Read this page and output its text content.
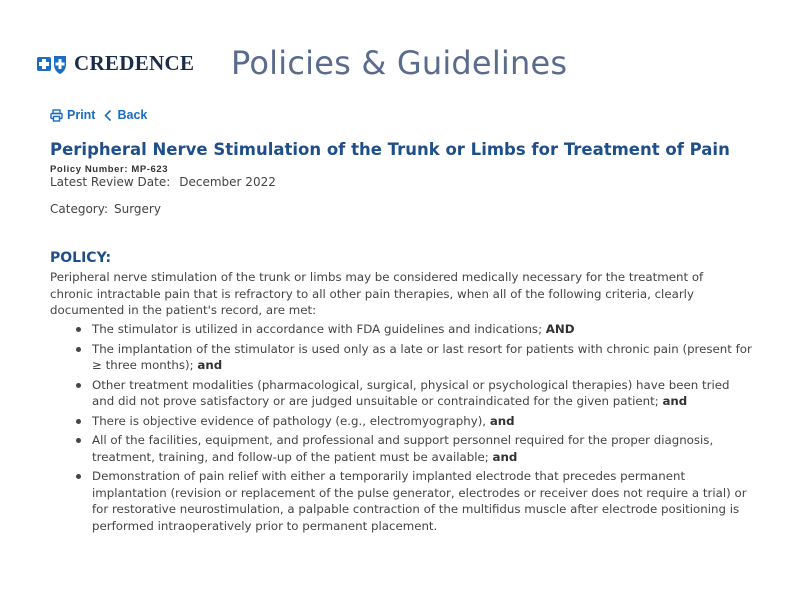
CREDENCE Policies & Guidelines
Print Back
Peripheral Nerve Stimulation of the Trunk or Limbs for Treatment of Pain
Policy Number: MP-623
Latest Review Date: December 2022
Category: Surgery
POLICY:
Peripheral nerve stimulation of the trunk or limbs may be considered medically necessary for the treatment of chronic intractable pain that is refractory to all other pain therapies, when all of the following criteria, clearly documented in the patient's record, are met:
The stimulator is utilized in accordance with FDA guidelines and indications; AND
The implantation of the stimulator is used only as a late or last resort for patients with chronic pain (present for ≥ three months); and
Other treatment modalities (pharmacological, surgical, physical or psychological therapies) have been tried and did not prove satisfactory or are judged unsuitable or contraindicated for the given patient; and
There is objective evidence of pathology (e.g., electromyography), and
All of the facilities, equipment, and professional and support personnel required for the proper diagnosis, treatment, training, and follow-up of the patient must be available; and
Demonstration of pain relief with either a temporarily implanted electrode that precedes permanent implantation (revision or replacement of the pulse generator, electrodes or receiver does not require a trial) or for restorative neurostimulation, a palpable contraction of the multifidus muscle after electrode positioning is performed intraoperatively prior to permanent placement.
